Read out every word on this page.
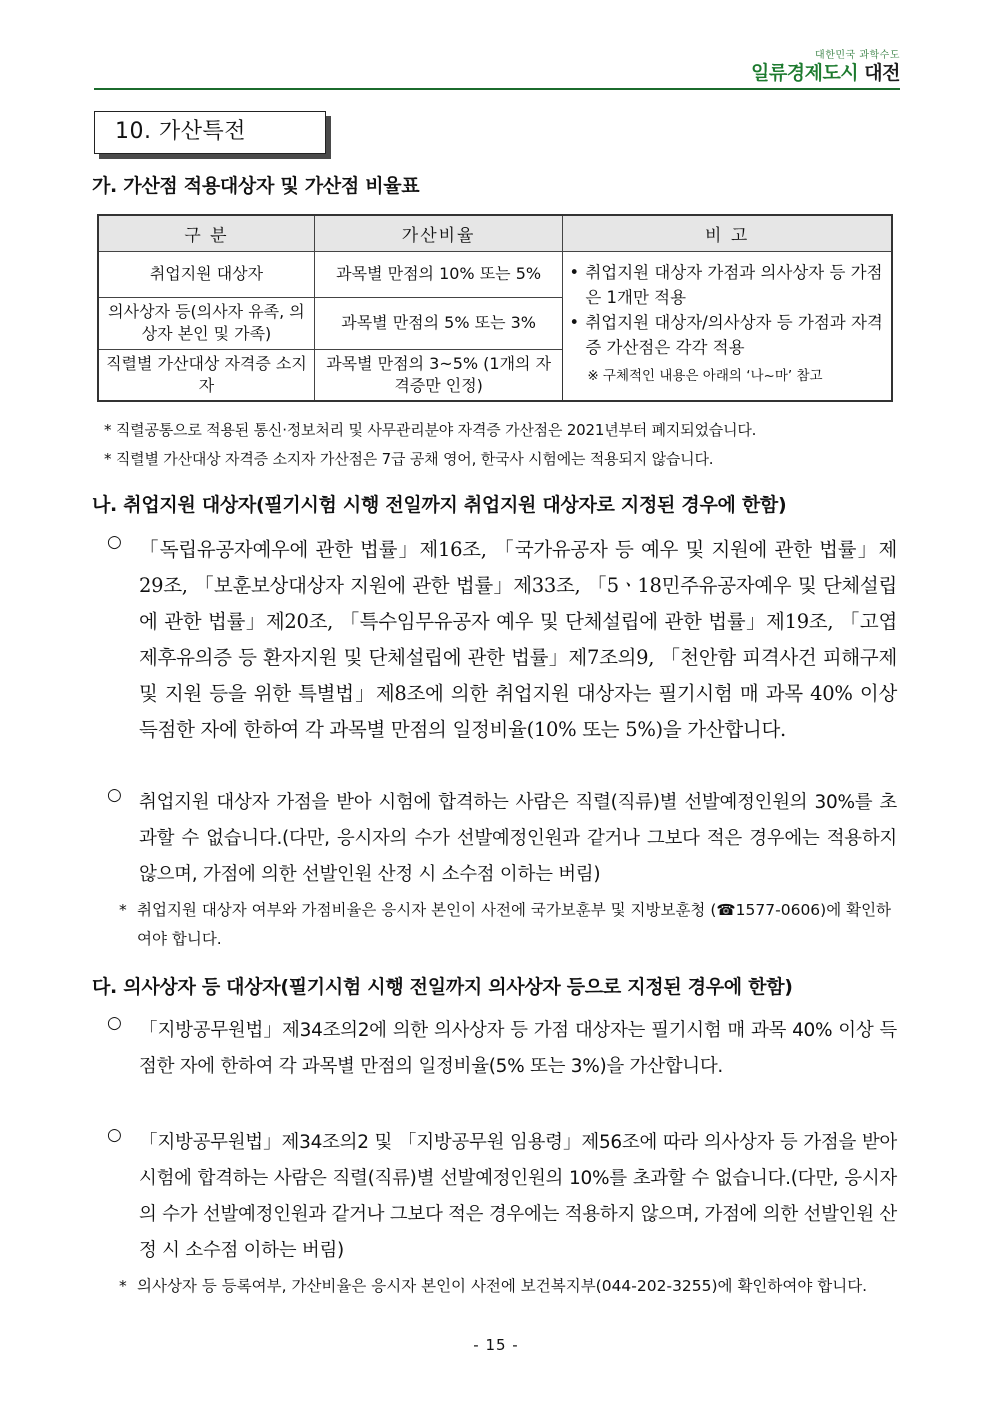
대한민국 과학수도
일류경제도시 대전
10. 가산특전
가. 가산점 적용대상자 및 가산점 비율표
구 분	가산비율	비 고
취업지원 대상자	과목별 만점의 10% 또는 5%	• 취업지원 대상자 가점과 의사상자 등 가점은 1개만 적용
• 취업지원 대상자/의사상자 등 가점과 자격증 가산점은 각각 적용
※ 구체적인 내용은 아래의 ‘나~마’ 참고

의사상자 등(의사자 유족, 의상자 본인 및 가족)	과목별 만점의 5% 또는 3%	
직렬별 가산대상 자격증 소지자	과목별 만점의 3~5% (1개의 자격증만 인정)	
* 직렬공통으로 적용된 통신·정보처리 및 사무관리분야 자격증 가산점은 2021년부터 폐지되었습니다.
* 직렬별 가산대상 자격증 소지자 가산점은 7급 공채 영어, 한국사 시험에는 적용되지 않습니다.
나. 취업지원 대상자(필기시험 시행 전일까지 취업지원 대상자로 지정된 경우에 한함)
○ 「독립유공자예우에 관한 법률」제16조, 「국가유공자 등 예우 및 지원에 관한 법률」제29조, 「보훈보상대상자 지원에 관한 법률」제33조, 「5ㆍ18민주유공자예우 및 단체설립에 관한 법률」제20조, 「특수임무유공자 예우 및 단체설립에 관한 법률」제19조, 「고엽제후유의증 등 환자지원 및 단체설립에 관한 법률」제7조의9, 「천안함 피격사건 피해구제 및 지원 등을 위한 특별법」제8조에 의한 취업지원 대상자는 필기시험 매 과목 40% 이상 득점한 자에 한하여 각 과목별 만점의 일정비율(10% 또는 5%)을 가산합니다.
○ 취업지원 대상자 가점을 받아 시험에 합격하는 사람은 직렬(직류)별 선발예정인원의 30%를 초과할 수 없습니다.(다만, 응시자의 수가 선발예정인원과 같거나 그보다 적은 경우에는 적용하지 않으며, 가점에 의한 선발인원 산정 시 소수점 이하는 버림)
* 취업지원 대상자 여부와 가점비율은 응시자 본인이 사전에 국가보훈부 및 지방보훈청 (☎1577-0606)에 확인하여야 합니다.
다. 의사상자 등 대상자(필기시험 시행 전일까지 의사상자 등으로 지정된 경우에 한함)
○ 「지방공무원법」제34조의2에 의한 의사상자 등 가점 대상자는 필기시험 매 과목 40% 이상 득점한 자에 한하여 각 과목별 만점의 일정비율(5% 또는 3%)을 가산합니다.
○ 「지방공무원법」제34조의2 및 「지방공무원 임용령」제56조에 따라 의사상자 등 가점을 받아 시험에 합격하는 사람은 직렬(직류)별 선발예정인원의 10%를 초과할 수 없습니다.(다만, 응시자의 수가 선발예정인원과 같거나 그보다 적은 경우에는 적용하지 않으며, 가점에 의한 선발인원 산정 시 소수점 이하는 버림)
* 의사상자 등 등록여부, 가산비율은 응시자 본인이 사전에 보건복지부(044-202-3255)에 확인하여야 합니다.
- 15 -
